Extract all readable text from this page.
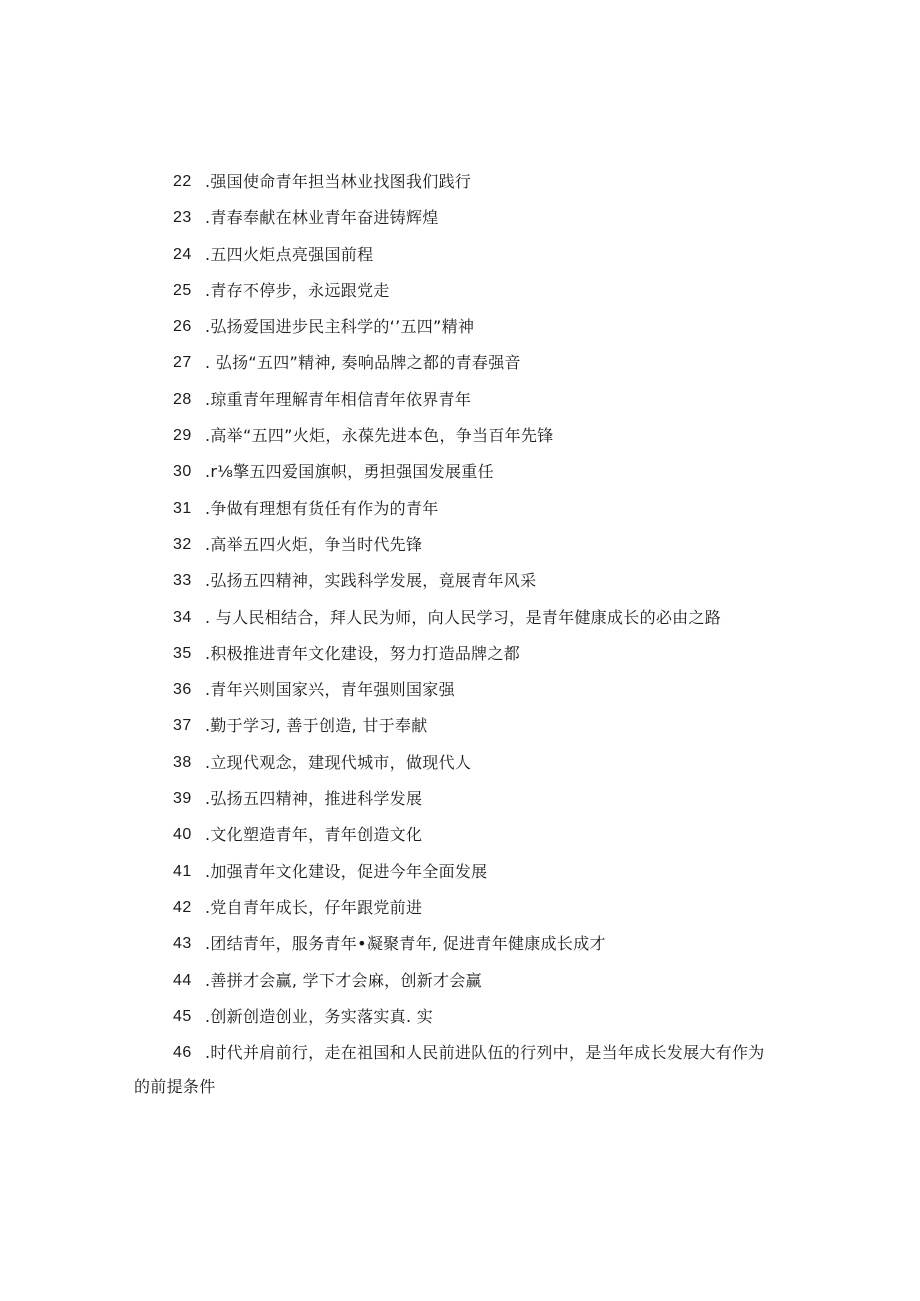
22 .强国使命青年担当林业找图我们践行
23 .青春奉献在林业青年奋进铸辉煌
24 .五四火炬点亮强国前程
25 .青存不停步，永远跟党走
26 .弘扬爱国进步民主科学的‘’五四”精神
27 . 弘扬“五四”精神, 奏响品牌之都的青春强音
28 .琼重青年理解青年相信青年依界青年
29 .高举“五四”火炬，永葆先进本色，争当百年先锋
30 .r⅛擎五四爱国旗帜，勇担强国发展重任
31 .争做有理想有货任有作为的青年
32 .高举五四火炬，争当时代先锋
33 .弘扬五四精神，实践科学发展，竟展青年风采
34 . 与人民相结合，拜人民为师，向人民学习，是青年健康成长的必由之路
35 .积极推进青年文化建设，努力打造品牌之都
36 .青年兴则国家兴，青年强则国家强
37 .勤于学习, 善于创造, 甘于奉献
38 .立现代观念，建现代城市，做现代人
39 .弘扬五四精神，推进科学发展
40 .文化塑造青年，青年创造文化
41 .加强青年文化建设，促进今年全面发展
42 .党自青年成长，仔年跟党前进
43 .团结青年，服务青年•凝聚青年, 促进青年健康成长成才
44 .善拼才会赢, 学下才会麻，创新才会赢
45 .创新创造创业，务实落实真. 实
46 .时代并肩前行，走在祖国和人民前进队伍的行列中，是当年成长发展大有作为
的前提条件
